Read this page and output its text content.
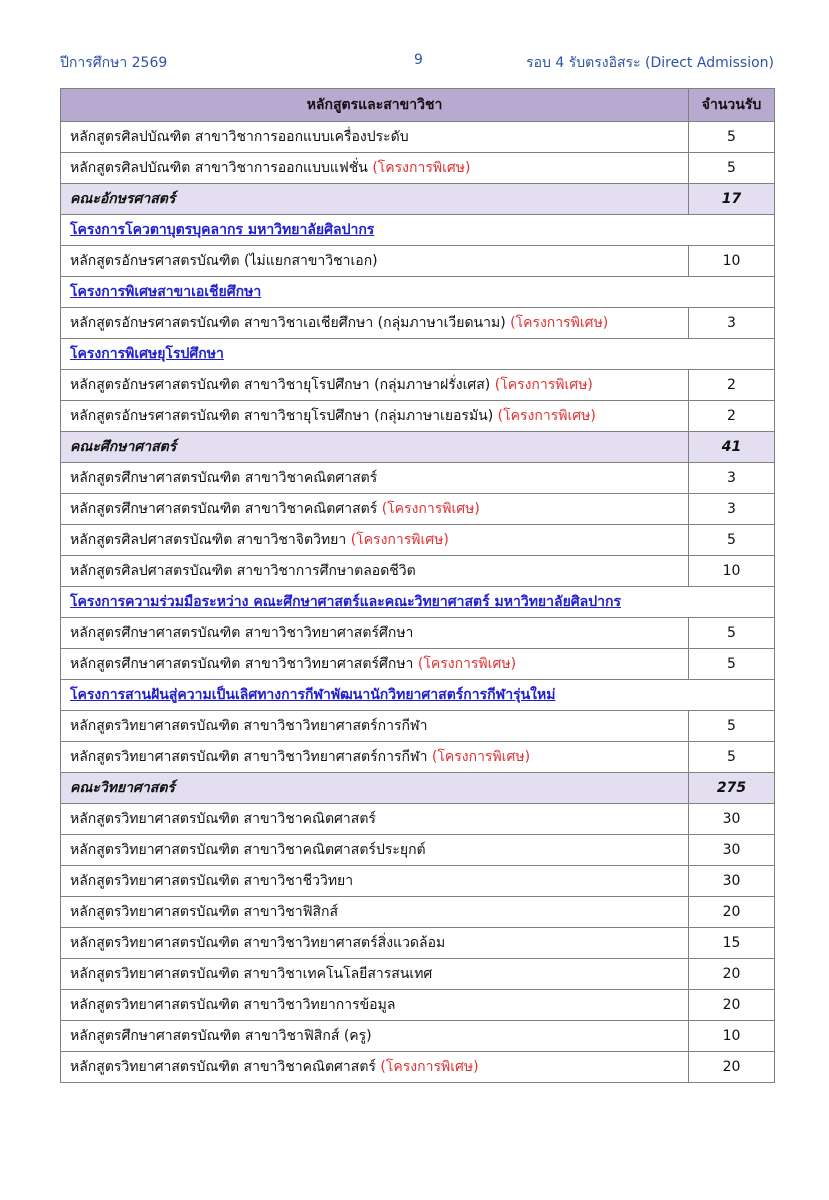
ปีการศึกษา 2569	9	รอบ 4 รับตรงอิสระ (Direct Admission)
หลักสูตรและสาขาวิชา	จำนวนรับ
หลักสูตรศิลปบัณฑิต สาขาวิชาการออกแบบเครื่องประดับ	5
หลักสูตรศิลปบัณฑิต สาขาวิชาการออกแบบแฟชั่น (โครงการพิเศษ)	5
คณะอักษรศาสตร์	17
โครงการโควตาบุตรบุคลากร มหาวิทยาลัยศิลปากร	
หลักสูตรอักษรศาสตรบัณฑิต (ไม่แยกสาขาวิชาเอก)	10
โครงการพิเศษสาขาเอเชียศึกษา	
หลักสูตรอักษรศาสตรบัณฑิต สาขาวิชาเอเชียศึกษา (กลุ่มภาษาเวียดนาม) (โครงการพิเศษ)	3
โครงการพิเศษยุโรปศึกษา	
หลักสูตรอักษรศาสตรบัณฑิต สาขาวิชายุโรปศึกษา (กลุ่มภาษาฝรั่งเศส) (โครงการพิเศษ)	2
หลักสูตรอักษรศาสตรบัณฑิต สาขาวิชายุโรปศึกษา (กลุ่มภาษาเยอรมัน) (โครงการพิเศษ)	2
คณะศึกษาศาสตร์	41
หลักสูตรศึกษาศาสตรบัณฑิต สาขาวิชาคณิตศาสตร์	3
หลักสูตรศึกษาศาสตรบัณฑิต สาขาวิชาคณิตศาสตร์ (โครงการพิเศษ)	3
หลักสูตรศิลปศาสตรบัณฑิต สาขาวิชาจิตวิทยา (โครงการพิเศษ)	5
หลักสูตรศิลปศาสตรบัณฑิต สาขาวิชาการศึกษาตลอดชีวิต	10
โครงการความร่วมมือระหว่าง คณะศึกษาศาสตร์และคณะวิทยาศาสตร์ มหาวิทยาลัยศิลปากร	
หลักสูตรศึกษาศาสตรบัณฑิต สาขาวิชาวิทยาศาสตร์ศึกษา	5
หลักสูตรศึกษาศาสตรบัณฑิต สาขาวิชาวิทยาศาสตร์ศึกษา (โครงการพิเศษ)	5
โครงการสานฝันสู่ความเป็นเลิศทางการกีฬาพัฒนานักวิทยาศาสตร์การกีฬารุ่นใหม่	
หลักสูตรวิทยาศาสตรบัณฑิต สาขาวิชาวิทยาศาสตร์การกีฬา	5
หลักสูตรวิทยาศาสตรบัณฑิต สาขาวิชาวิทยาศาสตร์การกีฬา (โครงการพิเศษ)	5
คณะวิทยาศาสตร์	275
หลักสูตรวิทยาศาสตรบัณฑิต สาขาวิชาคณิตศาสตร์	30
หลักสูตรวิทยาศาสตรบัณฑิต สาขาวิชาคณิตศาสตร์ประยุกต์	30
หลักสูตรวิทยาศาสตรบัณฑิต สาขาวิชาชีววิทยา	30
หลักสูตรวิทยาศาสตรบัณฑิต สาขาวิชาฟิสิกส์	20
หลักสูตรวิทยาศาสตรบัณฑิต สาขาวิชาวิทยาศาสตร์สิ่งแวดล้อม	15
หลักสูตรวิทยาศาสตรบัณฑิต สาขาวิชาเทคโนโลยีสารสนเทศ	20
หลักสูตรวิทยาศาสตรบัณฑิต สาขาวิชาวิทยาการข้อมูล	20
หลักสูตรศึกษาศาสตรบัณฑิต สาขาวิชาฟิสิกส์ (ครู)	10
หลักสูตรวิทยาศาสตรบัณฑิต สาขาวิชาคณิตศาสตร์ (โครงการพิเศษ)	20
